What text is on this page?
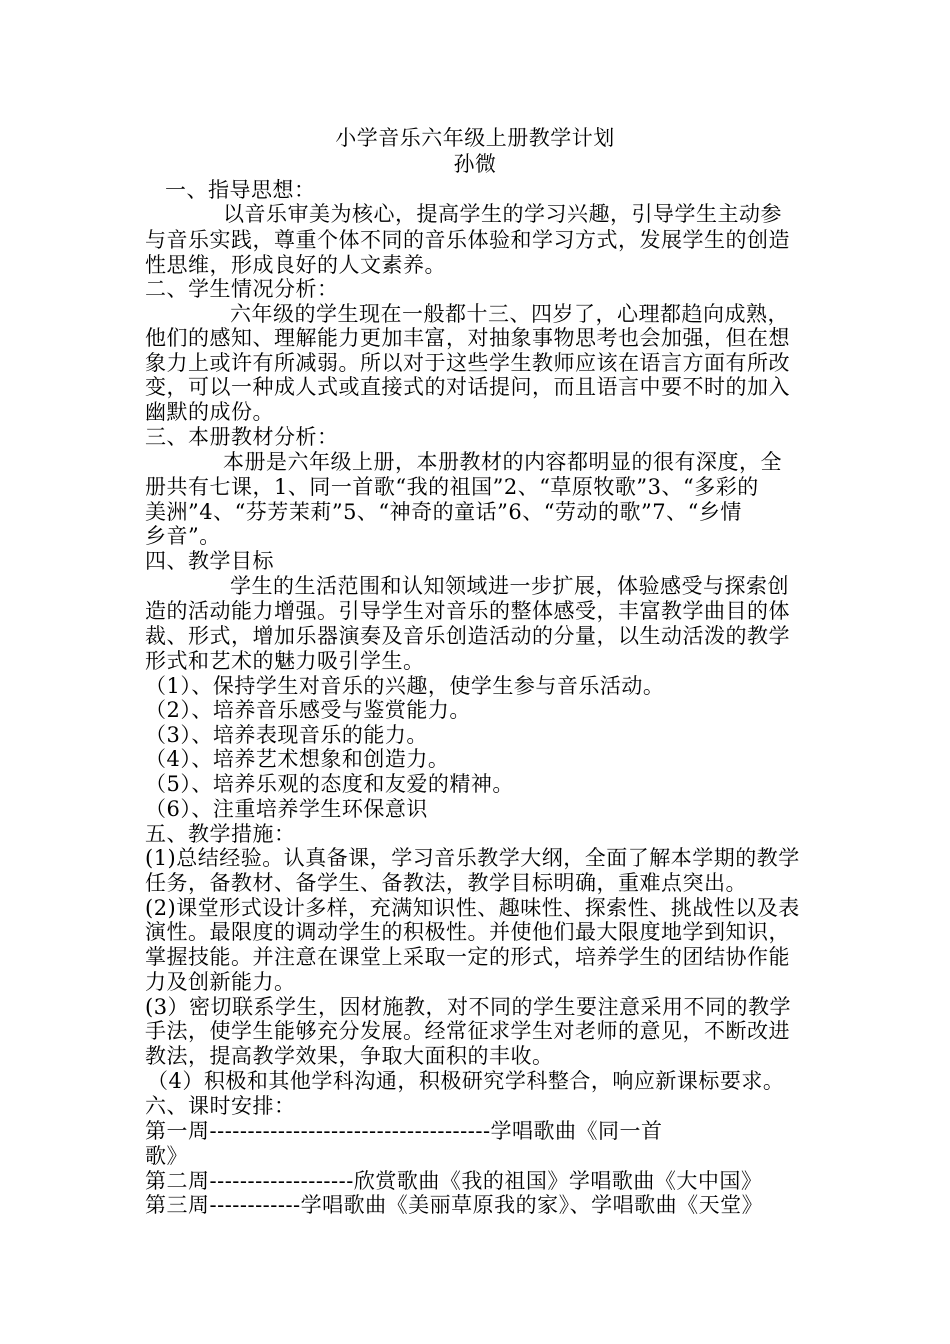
小学音乐六年级上册教学计划
孙微
一、指导思想：
以音乐审美为核心，提高学生的学习兴趣，引导学生主动参
与音乐实践，尊重个体不同的音乐体验和学习方式，发展学生的创造
性思维，形成良好的人文素养。
二、学生情况分析：
六年级的学生现在一般都十三、四岁了，心理都趋向成熟，
他们的感知、理解能力更加丰富，对抽象事物思考也会加强，但在想
象力上或许有所减弱。所以对于这些学生教师应该在语言方面有所改
变，可以一种成人式或直接式的对话提问，而且语言中要不时的加入
幽默的成份。
三、本册教材分析：
本册是六年级上册，本册教材的内容都明显的很有深度，全
册共有七课，1、同一首歌“我的祖国”2、“草原牧歌”3、“多彩的
美洲”4、“芬芳茉莉”5、“神奇的童话”6、“劳动的歌”7、“乡情
乡音”。
四、教学目标
学生的生活范围和认知领域进一步扩展，体验感受与探索创
造的活动能力增强。引导学生对音乐的整体感受，丰富教学曲目的体
裁、形式，增加乐器演奏及音乐创造活动的分量，以生动活泼的教学
形式和艺术的魅力吸引学生。
（1）、保持学生对音乐的兴趣，使学生参与音乐活动。
（2）、培养音乐感受与鉴赏能力。
（3）、培养表现音乐的能力。
（4）、培养艺术想象和创造力。
（5）、培养乐观的态度和友爱的精神。
（6）、注重培养学生环保意识
五、教学措施：
(1)总结经验。认真备课，学习音乐教学大纲，全面了解本学期的教学
任务，备教材、备学生、备教法，教学目标明确，重难点突出。
(2)课堂形式设计多样，充满知识性、趣味性、探索性、挑战性以及表
演性。最限度的调动学生的积极性。并使他们最大限度地学到知识，
掌握技能。并注意在课堂上采取一定的形式，培养学生的团结协作能
力及创新能力。
(3）密切联系学生，因材施教，对不同的学生要注意采用不同的教学
手法，使学生能够充分发展。经常征求学生对老师的意见，不断改进
教法，提高教学效果，争取大面积的丰收。
（4）积极和其他学科沟通，积极研究学科整合，响应新课标要求。
六、课时安排：
第一周-------------------------------------学唱歌曲《同一首
歌》
第二周-------------------欣赏歌曲《我的祖国》学唱歌曲《大中国》
第三周------------学唱歌曲《美丽草原我的家》、学唱歌曲《天堂》
